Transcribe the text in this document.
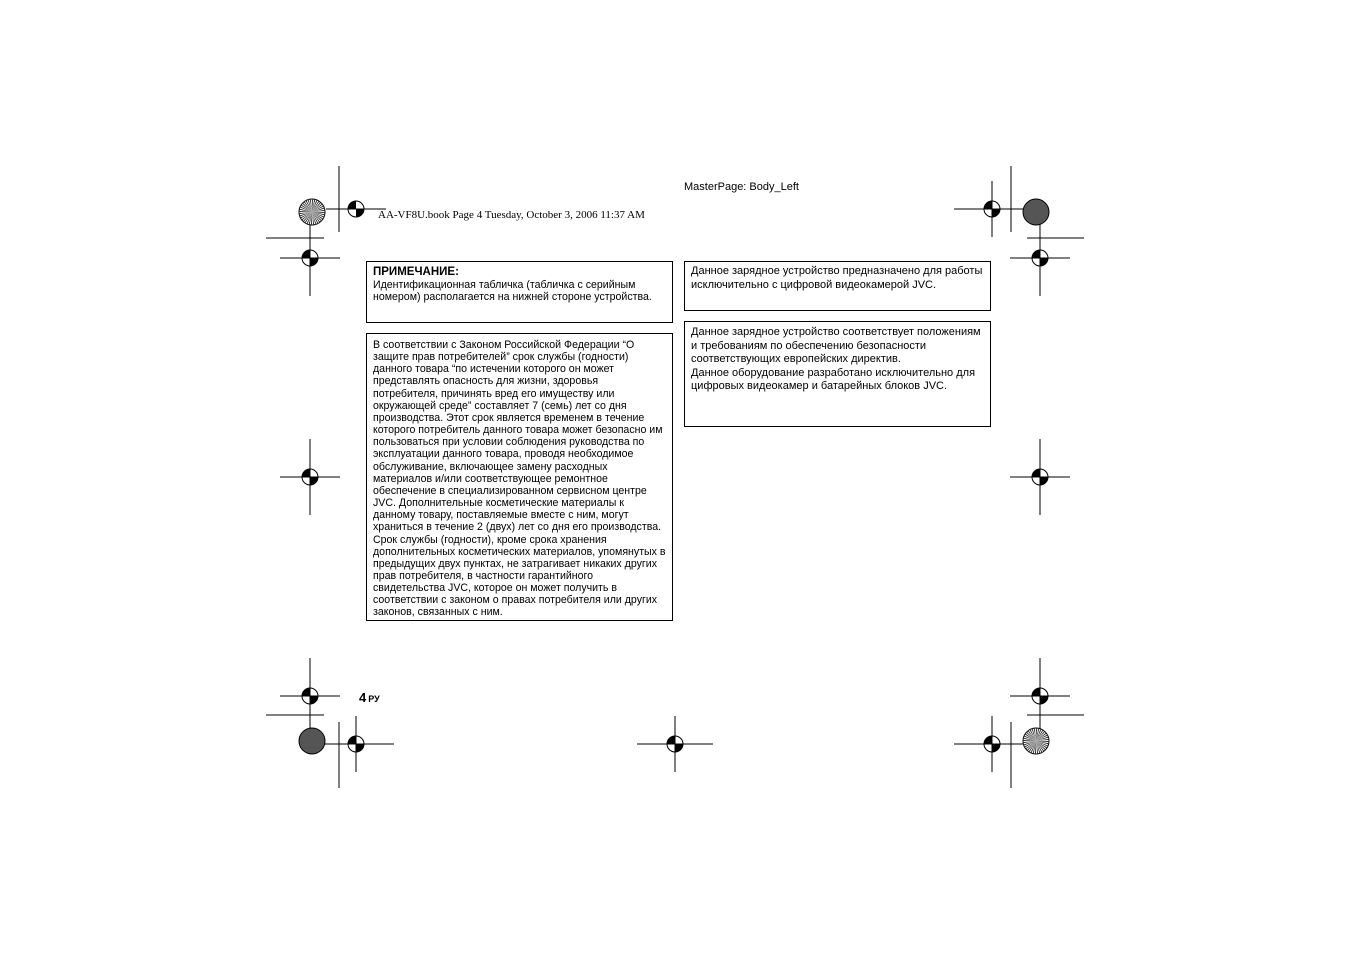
MasterPage: Body_Left
AA-VF8U.book Page 4 Tuesday, October 3, 2006 11:37 AM

ПРИМЕЧАНИЕ:

Идентификационная табличка (табличка с серийным номером) располагается на нижней стороне устройства.

В соответствии с Законом Российской Федерации “О защите прав потребителей” срок службы (годности) данного товара “по истечении которого он может представлять опасность для жизни, здоровья потребителя, причинять вред его имуществу или окружающей среде” составляет 7 (семь) лет со дня производства. Этот срок является временем в течение которого потребитель данного товара может безопасно им пользоваться при условии соблюдения руководства по эксплуатации данного товара, проводя необходимое обслуживание, включающее замену расходных материалов и/или соответствующее ремонтное обеспечение в специализированном сервисном центре JVC. Дополнительные косметические материалы к данному товару, поставляемые вместе с ним, могут храниться в течение 2 (двух) лет со дня его производства. Срок службы (годности), кроме срока хранения дополнительных косметических материалов, упомянутых в предыдущих двух пунктах, не затрагивает никаких других прав потребителя, в частности гарантийного свидетельства JVC, которое он может получить в соответствии с законом о правах потребителя или других законов, связанных с ним.

Данное зарядное устройство предназначено для работы исключительно с цифровой видеокамерой JVC.

Данное зарядное устройство соответствует положениям и требованиям по обеспечению безопасности соответствующих европейских директив.

Данное оборудование разработано исключительно для цифровых видеокамер и батарейных блоков JVC.

4 РУ
